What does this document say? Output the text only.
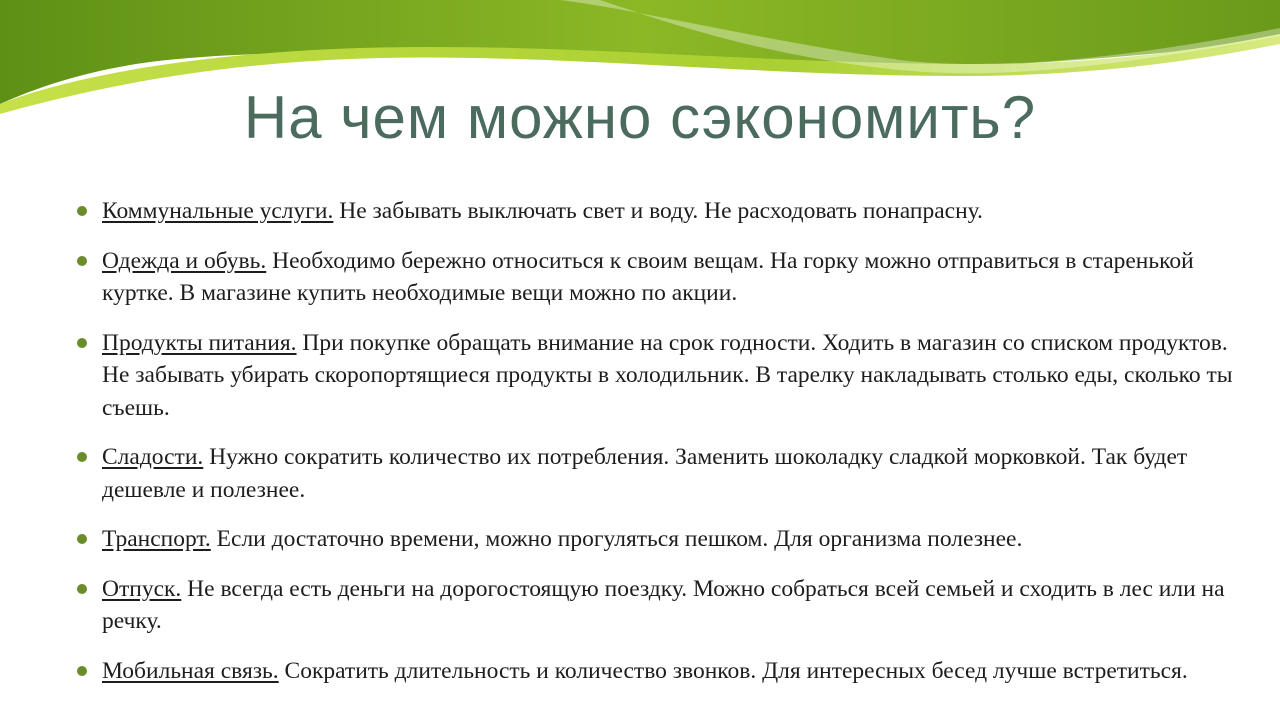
На чем можно сэкономить?
Коммунальные услуги. Не забывать выключать свет и воду. Не расходовать понапрасну.
Одежда и обувь. Необходимо бережно относиться к своим вещам. На горку можно отправиться в старенькой куртке. В магазине купить необходимые вещи можно по акции.
Продукты питания. При покупке обращать внимание на срок годности. Ходить в магазин со списком продуктов. Не забывать убирать скоропортящиеся продукты в холодильник. В тарелку накладывать столько еды, сколько ты съешь.
Сладости. Нужно сократить количество их потребления. Заменить шоколадку сладкой морковкой. Так будет дешевле и полезнее.
Транспорт. Если достаточно времени, можно прогуляться пешком. Для организма полезнее.
Отпуск. Не всегда есть деньги на дорогостоящую поездку. Можно собраться всей семьей и сходить в лес или на речку.
Мобильная связь. Сократить длительность и количество звонков. Для интересных бесед лучше встретиться.
